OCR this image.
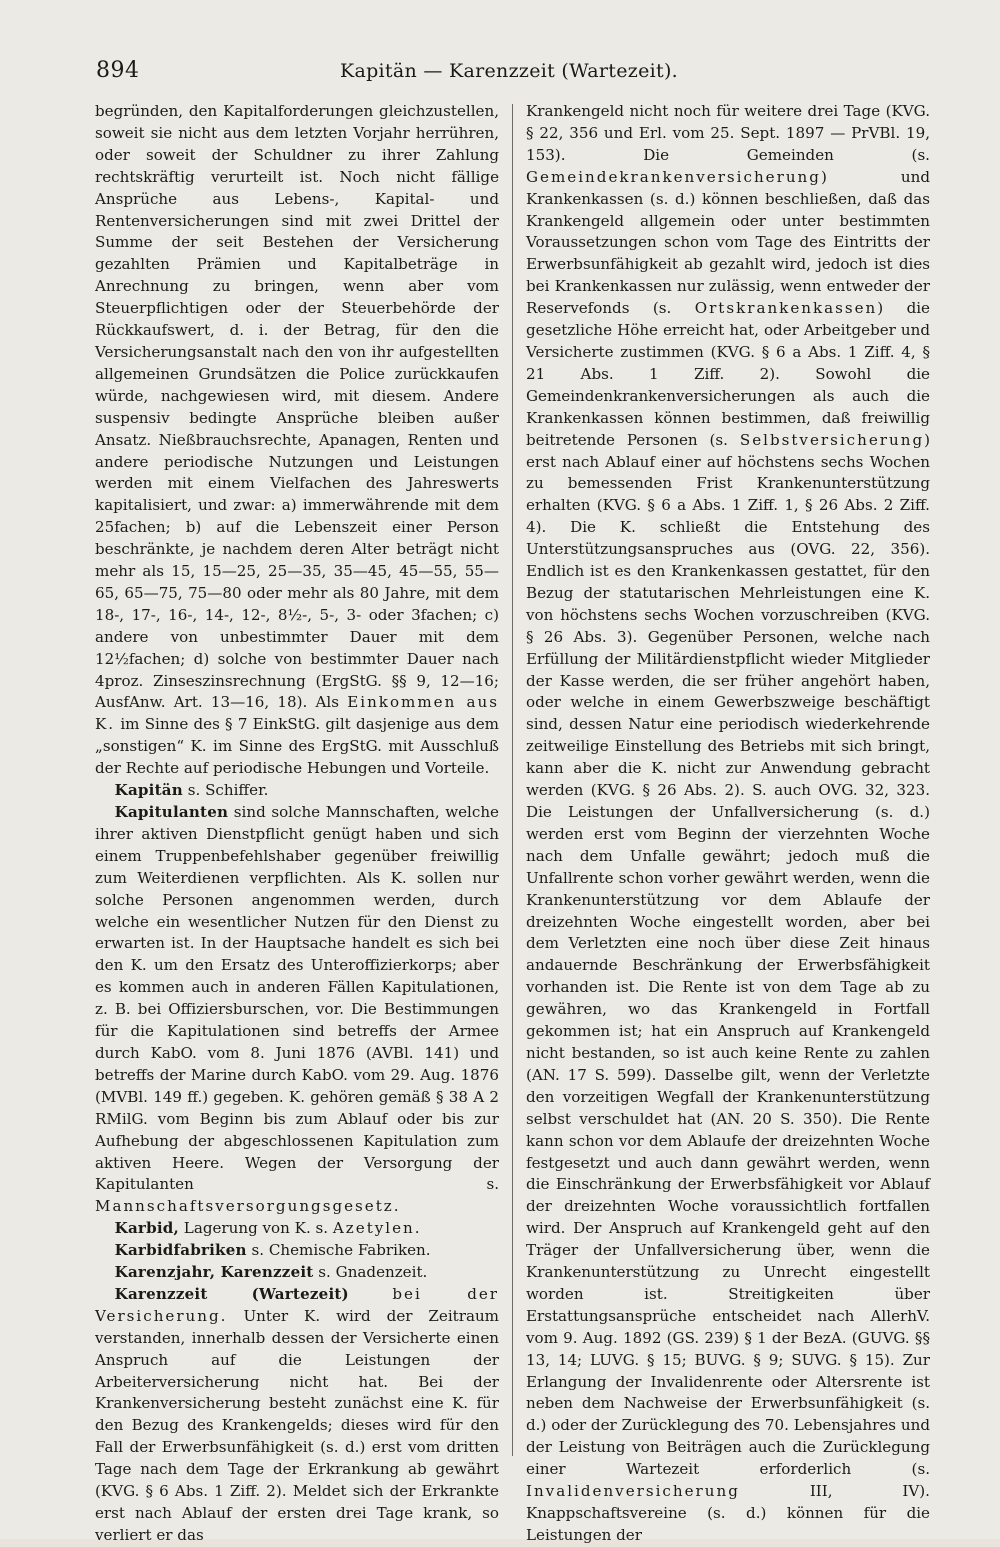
894	Kapitän — Karenzzeit (Wartezeit).

begründen, den Kapitalforderungen gleichzustellen, soweit sie nicht aus dem letzten Vorjahr herrühren, oder soweit der Schuldner zu ihrer Zahlung rechtskräftig verurteilt ist. Noch nicht fällige Ansprüche aus Lebens-, Kapital- und Rentenversicherungen sind mit zwei Drittel der Summe der seit Bestehen der Versicherung gezahlten Prämien und Kapitalbeträge in Anrechnung zu bringen, wenn aber vom Steuerpflichtigen oder der Steuerbehörde der Rückkaufswert, d. i. der Betrag, für den die Versicherungsanstalt nach den von ihr aufgestellten allgemeinen Grundsätzen die Police zurückkaufen würde, nachgewiesen wird, mit diesem. Andere suspensiv bedingte Ansprüche bleiben außer Ansatz. Nießbrauchsrechte, Apanagen, Renten und andere periodische Nutzungen und Leistungen werden mit einem Vielfachen des Jahreswerts kapitalisiert, und zwar: a) immerwährende mit dem 25fachen; b) auf die Lebenszeit einer Person beschränkte, je nachdem deren Alter beträgt nicht mehr als 15, 15—25, 25—35, 35—45, 45—55, 55—65, 65—75, 75—80 oder mehr als 80 Jahre, mit dem 18-, 17-, 16-, 14-, 12-, 8½-, 5-, 3- oder 3fachen; c) andere von unbestimmter Dauer mit dem 12½fachen; d) solche von bestimmter Dauer nach 4proz. Zinseszinsrechnung (ErgStG. §§ 9, 12—16; AusfAnw. Art. 13—16, 18). Als Einkommen aus K. im Sinne des § 7 EinkStG. gilt dasjenige aus dem „sonstigen“ K. im Sinne des ErgStG. mit Ausschluß der Rechte auf periodische Hebungen und Vorteile.

Kapitän s. Schiffer.

Kapitulanten sind solche Mannschaften, welche ihrer aktiven Dienstpflicht genügt haben und sich einem Truppenbefehlshaber gegenüber freiwillig zum Weiterdienen verpflichten. Als K. sollen nur solche Personen angenommen werden, durch welche ein wesentlicher Nutzen für den Dienst zu erwarten ist. In der Hauptsache handelt es sich bei den K. um den Ersatz des Unteroffizierkorps; aber es kommen auch in anderen Fällen Kapitulationen, z. B. bei Offiziersburschen, vor. Die Bestimmungen für die Kapitulationen sind betreffs der Armee durch KabO. vom 8. Juni 1876 (AVBl. 141) und betreffs der Marine durch KabO. vom 29. Aug. 1876 (MVBl. 149 ff.) gegeben. K. gehören gemäß § 38 A 2 RMilG. vom Beginn bis zum Ablauf oder bis zur Aufhebung der abgeschlossenen Kapitulation zum aktiven Heere. Wegen der Versorgung der Kapitulanten s. Mannschaftsversorgungsgesetz.

Karbid, Lagerung von K. s. Azetylen.

Karbidfabriken s. Chemische Fabriken.

Karenzjahr, Karenzzeit s. Gnadenzeit.

Karenzzeit (Wartezeit)	bei der Versicherung. Unter K. wird der Zeitraum verstanden, innerhalb dessen der Versicherte einen Anspruch auf die Leistungen der Arbeiterversicherung nicht hat. Bei der Krankenversicherung besteht zunächst eine K. für den Bezug des Krankengelds; dieses wird für den Fall der Erwerbsunfähigkeit (s. d.) erst vom dritten Tage nach dem Tage der Erkrankung ab gewährt (KVG. § 6 Abs. 1 Ziff. 2). Meldet sich der Erkrankte erst nach Ablauf der ersten drei Tage krank, so verliert er das

Krankengeld nicht noch für weitere drei Tage (KVG. § 22, 356 und Erl. vom 25. Sept. 1897 — PrVBl. 19, 153). Die Gemeinden (s. Gemeindekrankenversicherung) und Krankenkassen (s. d.) können beschließen, daß das Krankengeld allgemein oder unter bestimmten Voraussetzungen schon vom Tage des Eintritts der Erwerbsunfähigkeit ab gezahlt wird, jedoch ist dies bei Krankenkassen nur zulässig, wenn entweder der Reservefonds (s. Ortskrankenkassen) die gesetzliche Höhe erreicht hat, oder Arbeitgeber und Versicherte zustimmen (KVG. § 6 a Abs. 1 Ziff. 4, § 21 Abs. 1 Ziff. 2). Sowohl die Gemeindenkrankenversicherungen als auch die Krankenkassen können bestimmen, daß freiwillig beitretende Personen (s. Selbstversicherung) erst nach Ablauf einer auf höchstens sechs Wochen zu bemessenden Frist Krankenunterstützung erhalten (KVG. § 6 a Abs. 1 Ziff. 1, § 26 Abs. 2 Ziff. 4). Die K. schließt die Entstehung des Unterstützungsanspruches aus (OVG. 22, 356). Endlich ist es den Krankenkassen gestattet, für den Bezug der statutarischen Mehrleistungen eine K. von höchstens sechs Wochen vorzuschreiben (KVG. § 26 Abs. 3). Gegenüber Personen, welche nach Erfüllung der Militärdienstpflicht wieder Mitglieder der Kasse werden, die ser früher angehört haben, oder welche in einem Gewerbszweige beschäftigt sind, dessen Natur eine periodisch wiederkehrende zeitweilige Einstellung des Betriebs mit sich bringt, kann aber die K. nicht zur Anwendung gebracht werden (KVG. § 26 Abs. 2). S. auch OVG. 32, 323. Die Leistungen der Unfallversicherung (s. d.) werden erst vom Beginn der vierzehnten Woche nach dem Unfalle gewährt; jedoch muß die Unfallrente schon vorher gewährt werden, wenn die Krankenunterstützung vor dem Ablaufe der dreizehnten Woche eingestellt worden, aber bei dem Verletzten eine noch über diese Zeit hinaus andauernde Beschränkung der Erwerbsfähigkeit vorhanden ist. Die Rente ist von dem Tage ab zu gewähren, wo das Krankengeld in Fortfall gekommen ist; hat ein Anspruch auf Krankengeld nicht bestanden, so ist auch keine Rente zu zahlen (AN. 17 S. 599). Dasselbe gilt, wenn der Verletzte den vorzeitigen Wegfall der Krankenunterstützung selbst verschuldet hat (AN. 20 S. 350). Die Rente kann schon vor dem Ablaufe der dreizehnten Woche festgesetzt und auch dann gewährt werden, wenn die Einschränkung der Erwerbsfähigkeit vor Ablauf der dreizehnten Woche voraussichtlich fortfallen wird. Der Anspruch auf Krankengeld geht auf den Träger der Unfallversicherung über, wenn die Krankenunterstützung zu Unrecht eingestellt worden ist. Streitigkeiten über Erstattungsansprüche entscheidet nach AllerhV. vom 9. Aug. 1892 (GS. 239) § 1 der BezA. (GUVG. §§ 13, 14; LUVG. § 15; BUVG. § 9; SUVG. § 15). Zur Erlangung der Invalidenrente oder Altersrente ist neben dem Nachweise der Erwerbsunfähigkeit (s. d.) oder der Zurücklegung des 70. Lebensjahres und der Leistung von Beiträgen auch die Zurücklegung einer Wartezeit erforderlich (s. Invalidenversicherung	III, IV). Knappschaftsvereine (s. d.) können für die Leistungen der
